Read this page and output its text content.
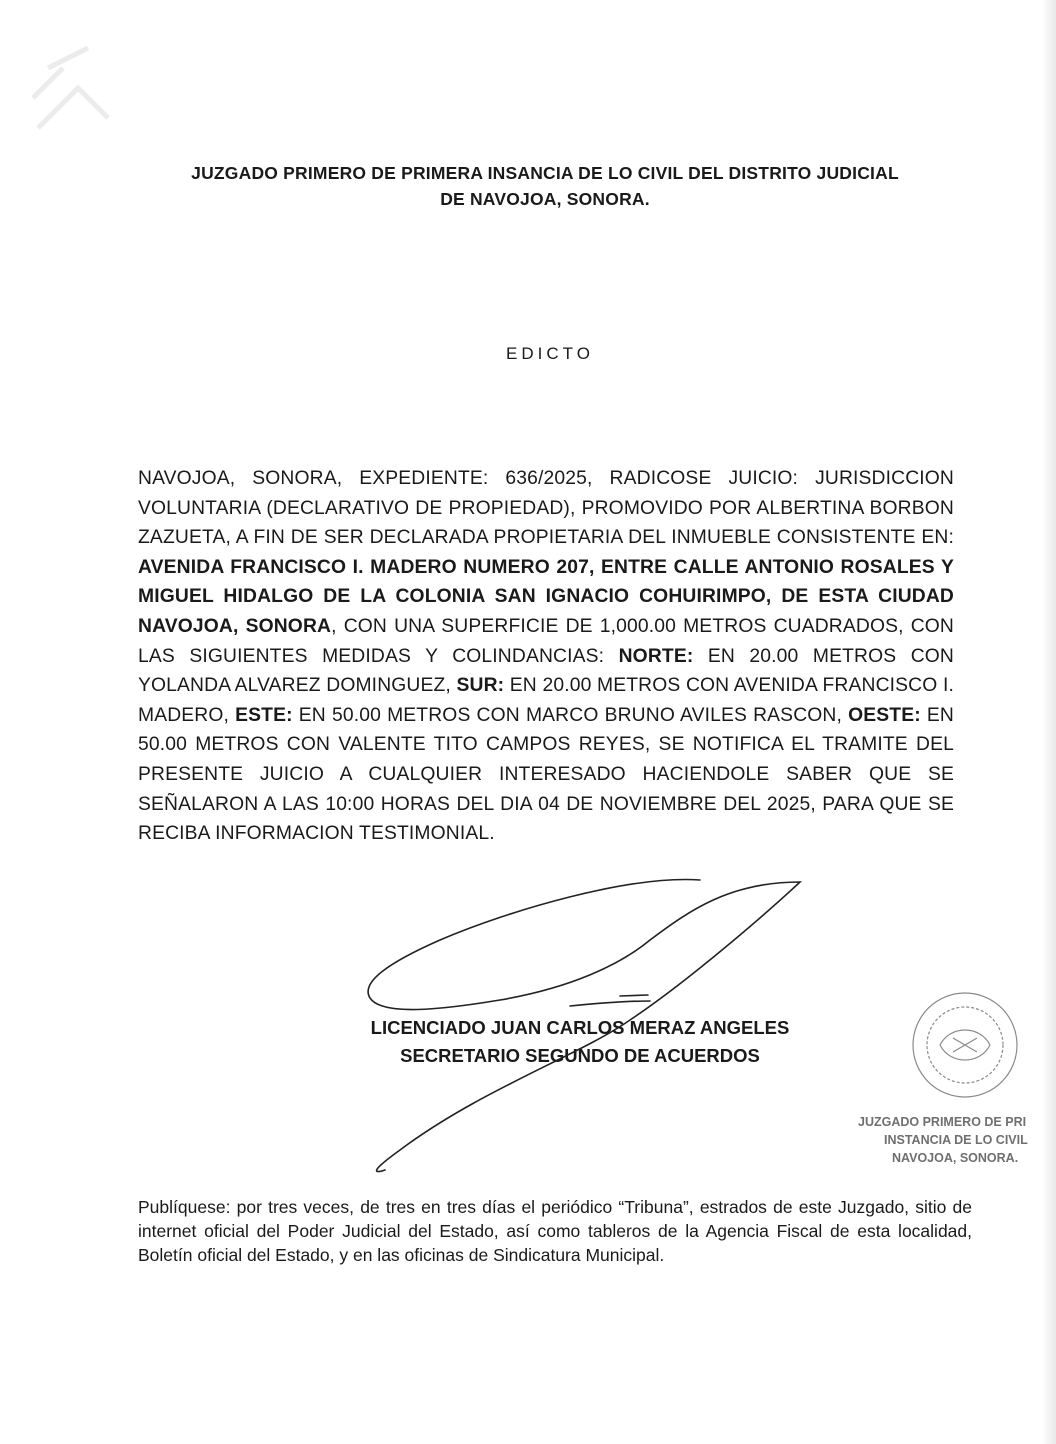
JUZGADO PRIMERO DE PRIMERA INSANCIA DE LO CIVIL DEL DISTRITO JUDICIAL
DE NAVOJOA, SONORA.
EDICTO
NAVOJOA, SONORA, EXPEDIENTE: 636/2025, RADICOSE JUICIO: JURISDICCION VOLUNTARIA (DECLARATIVO DE PROPIEDAD), PROMOVIDO POR ALBERTINA BORBON ZAZUETA, A FIN DE SER DECLARADA PROPIETARIA DEL INMUEBLE CONSISTENTE EN: AVENIDA FRANCISCO I. MADERO NUMERO 207, ENTRE CALLE ANTONIO ROSALES Y MIGUEL HIDALGO DE LA COLONIA SAN IGNACIO COHUIRIMPO, DE ESTA CIUDAD NAVOJOA, SONORA, CON UNA SUPERFICIE DE 1,000.00 METROS CUADRADOS, CON LAS SIGUIENTES MEDIDAS Y COLINDANCIAS: NORTE: EN 20.00 METROS CON YOLANDA ALVAREZ DOMINGUEZ, SUR: EN 20.00 METROS CON AVENIDA FRANCISCO I. MADERO, ESTE: EN 50.00 METROS CON MARCO BRUNO AVILES RASCON, OESTE: EN 50.00 METROS CON VALENTE TITO CAMPOS REYES, SE NOTIFICA EL TRAMITE DEL PRESENTE JUICIO A CUALQUIER INTERESADO HACIENDOLE SABER QUE SE SEÑALARON A LAS 10:00 HORAS DEL DIA 04 DE NOVIEMBRE DEL 2025, PARA QUE SE RECIBA INFORMACION TESTIMONIAL.
LICENCIADO JUAN CARLOS MERAZ ANGELES
SECRETARIO SEGUNDO DE ACUERDOS
JUZGADO PRIMERO DE PRI
INSTANCIA DE LO CIVIL
NAVOJOA, SONORA.
Publíquese: por tres veces, de tres en tres días el periódico “Tribuna”, estrados de este Juzgado, sitio de internet oficial del Poder Judicial del Estado, así como tableros de la Agencia Fiscal de esta localidad, Boletín oficial del Estado, y en las oficinas de Sindicatura Municipal.
